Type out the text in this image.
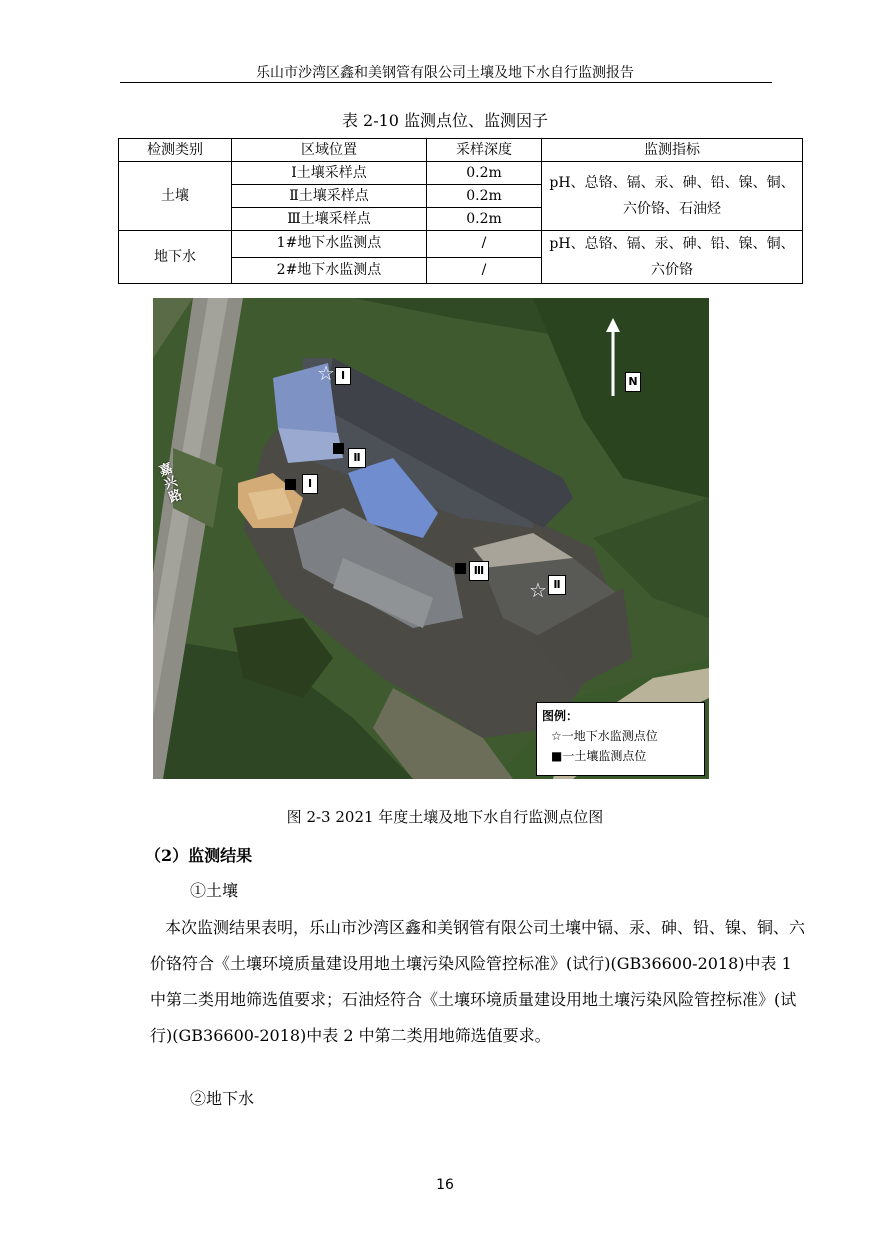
乐山市沙湾区鑫和美钢管有限公司土壤及地下水自行监测报告
表 2-10 监测点位、监测因子
检测类别	区域位置	采样深度	监测指标
土壤	Ⅰ土壤采样点	0.2m	pH、总铬、镉、汞、砷、铅、镍、铜、六价铬、石油烃
	Ⅱ土壤采样点	0.2m	
	Ⅲ土壤采样点	0.2m	
地下水	1#地下水监测点	/	pH、总铬、镉、汞、砷、铅、镍、铜、六价铬
	2#地下水监测点	/	
嘉兴路
N
☆ Ⅰ
☆ Ⅱ
Ⅰ
Ⅱ
Ⅲ
图例：
☆一地下水监测点位
■一土壤监测点位
图 2-3 2021 年度土壤及地下水自行监测点位图
（2）监测结果
①土壤
本次监测结果表明，乐山市沙湾区鑫和美钢管有限公司土壤中镉、汞、砷、铅、镍、铜、六价铬符合《土壤环境质量建设用地土壤污染风险管控标准》(试行)(GB36600-2018)中表 1 中第二类用地筛选值要求；石油烃符合《土壤环境质量建设用地土壤污染风险管控标准》(试行)(GB36600-2018)中表 2 中第二类用地筛选值要求。
②地下水
16
